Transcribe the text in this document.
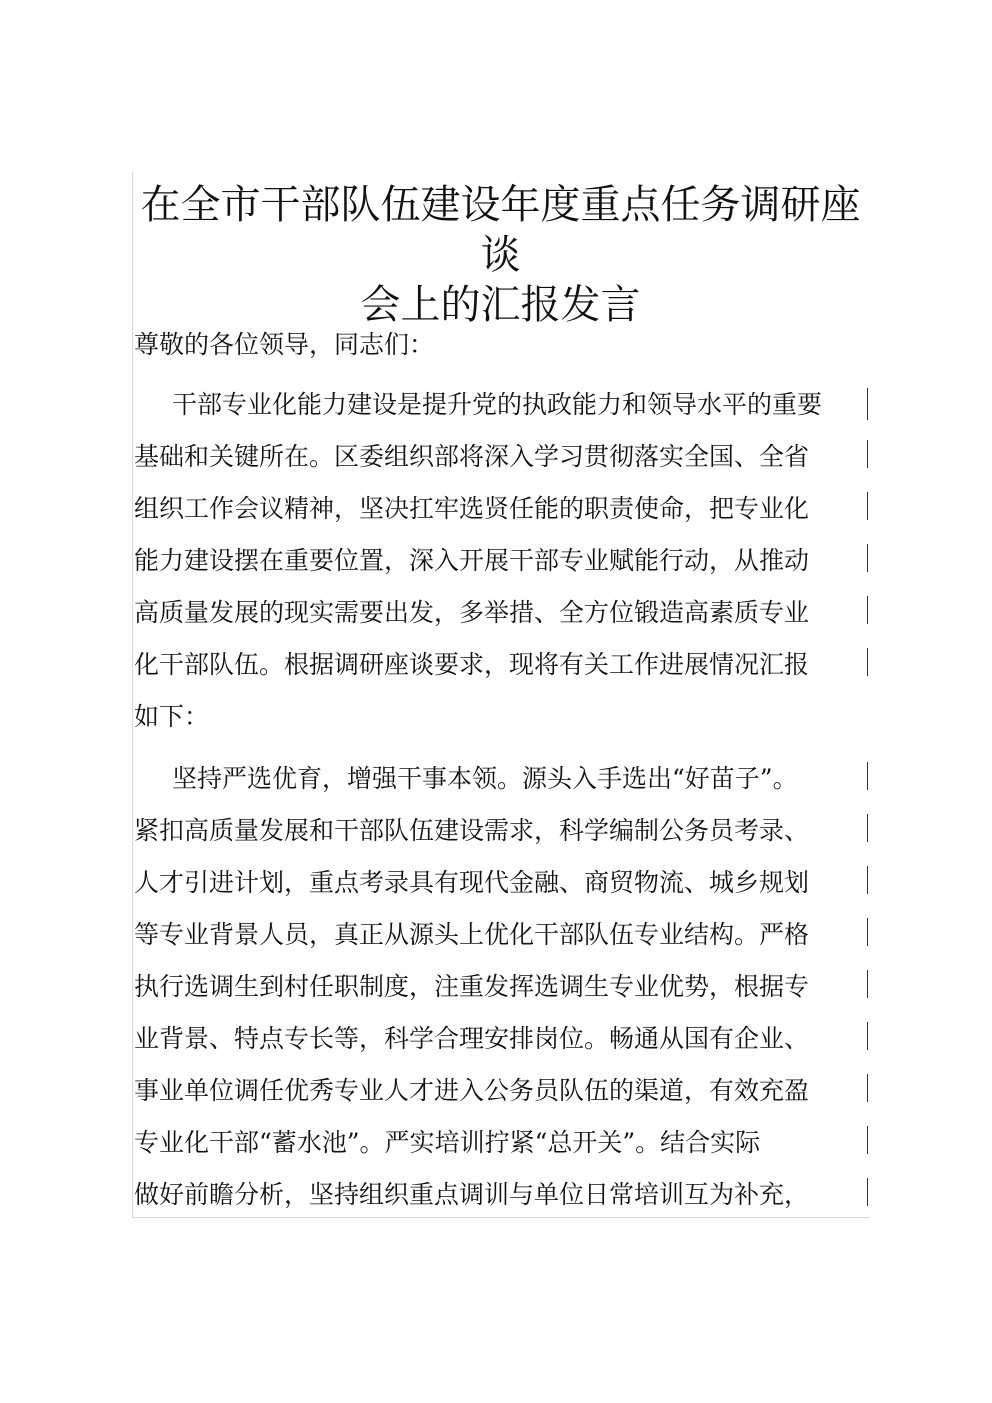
在全市干部队伍建设年度重点任务调研座谈
会上的汇报发言

尊敬的各位领导，同志们：

干部专业化能力建设是提升党的执政能力和领导水平的重要

基础和关键所在。区委组织部将深入学习贯彻落实全国、全省

组织工作会议精神，坚决扛牢选贤任能的职责使命，把专业化

能力建设摆在重要位置，深入开展干部专业赋能行动，从推动

高质量发展的现实需要出发，多举措、全方位锻造高素质专业

化干部队伍。根据调研座谈要求，现将有关工作进展情况汇报

如下：

坚持严选优育，增强干事本领。源头入手选出“好苗子”。

紧扣高质量发展和干部队伍建设需求，科学编制公务员考录、

人才引进计划，重点考录具有现代金融、商贸物流、城乡规划

等专业背景人员，真正从源头上优化干部队伍专业结构。严格

执行选调生到村任职制度，注重发挥选调生专业优势，根据专

业背景、特点专长等，科学合理安排岗位。畅通从国有企业、

事业单位调任优秀专业人才进入公务员队伍的渠道，有效充盈

专业化干部“蓄水池”。严实培训拧紧“总开关”。结合实际

做好前瞻分析，坚持组织重点调训与单位日常培训互为补充，
